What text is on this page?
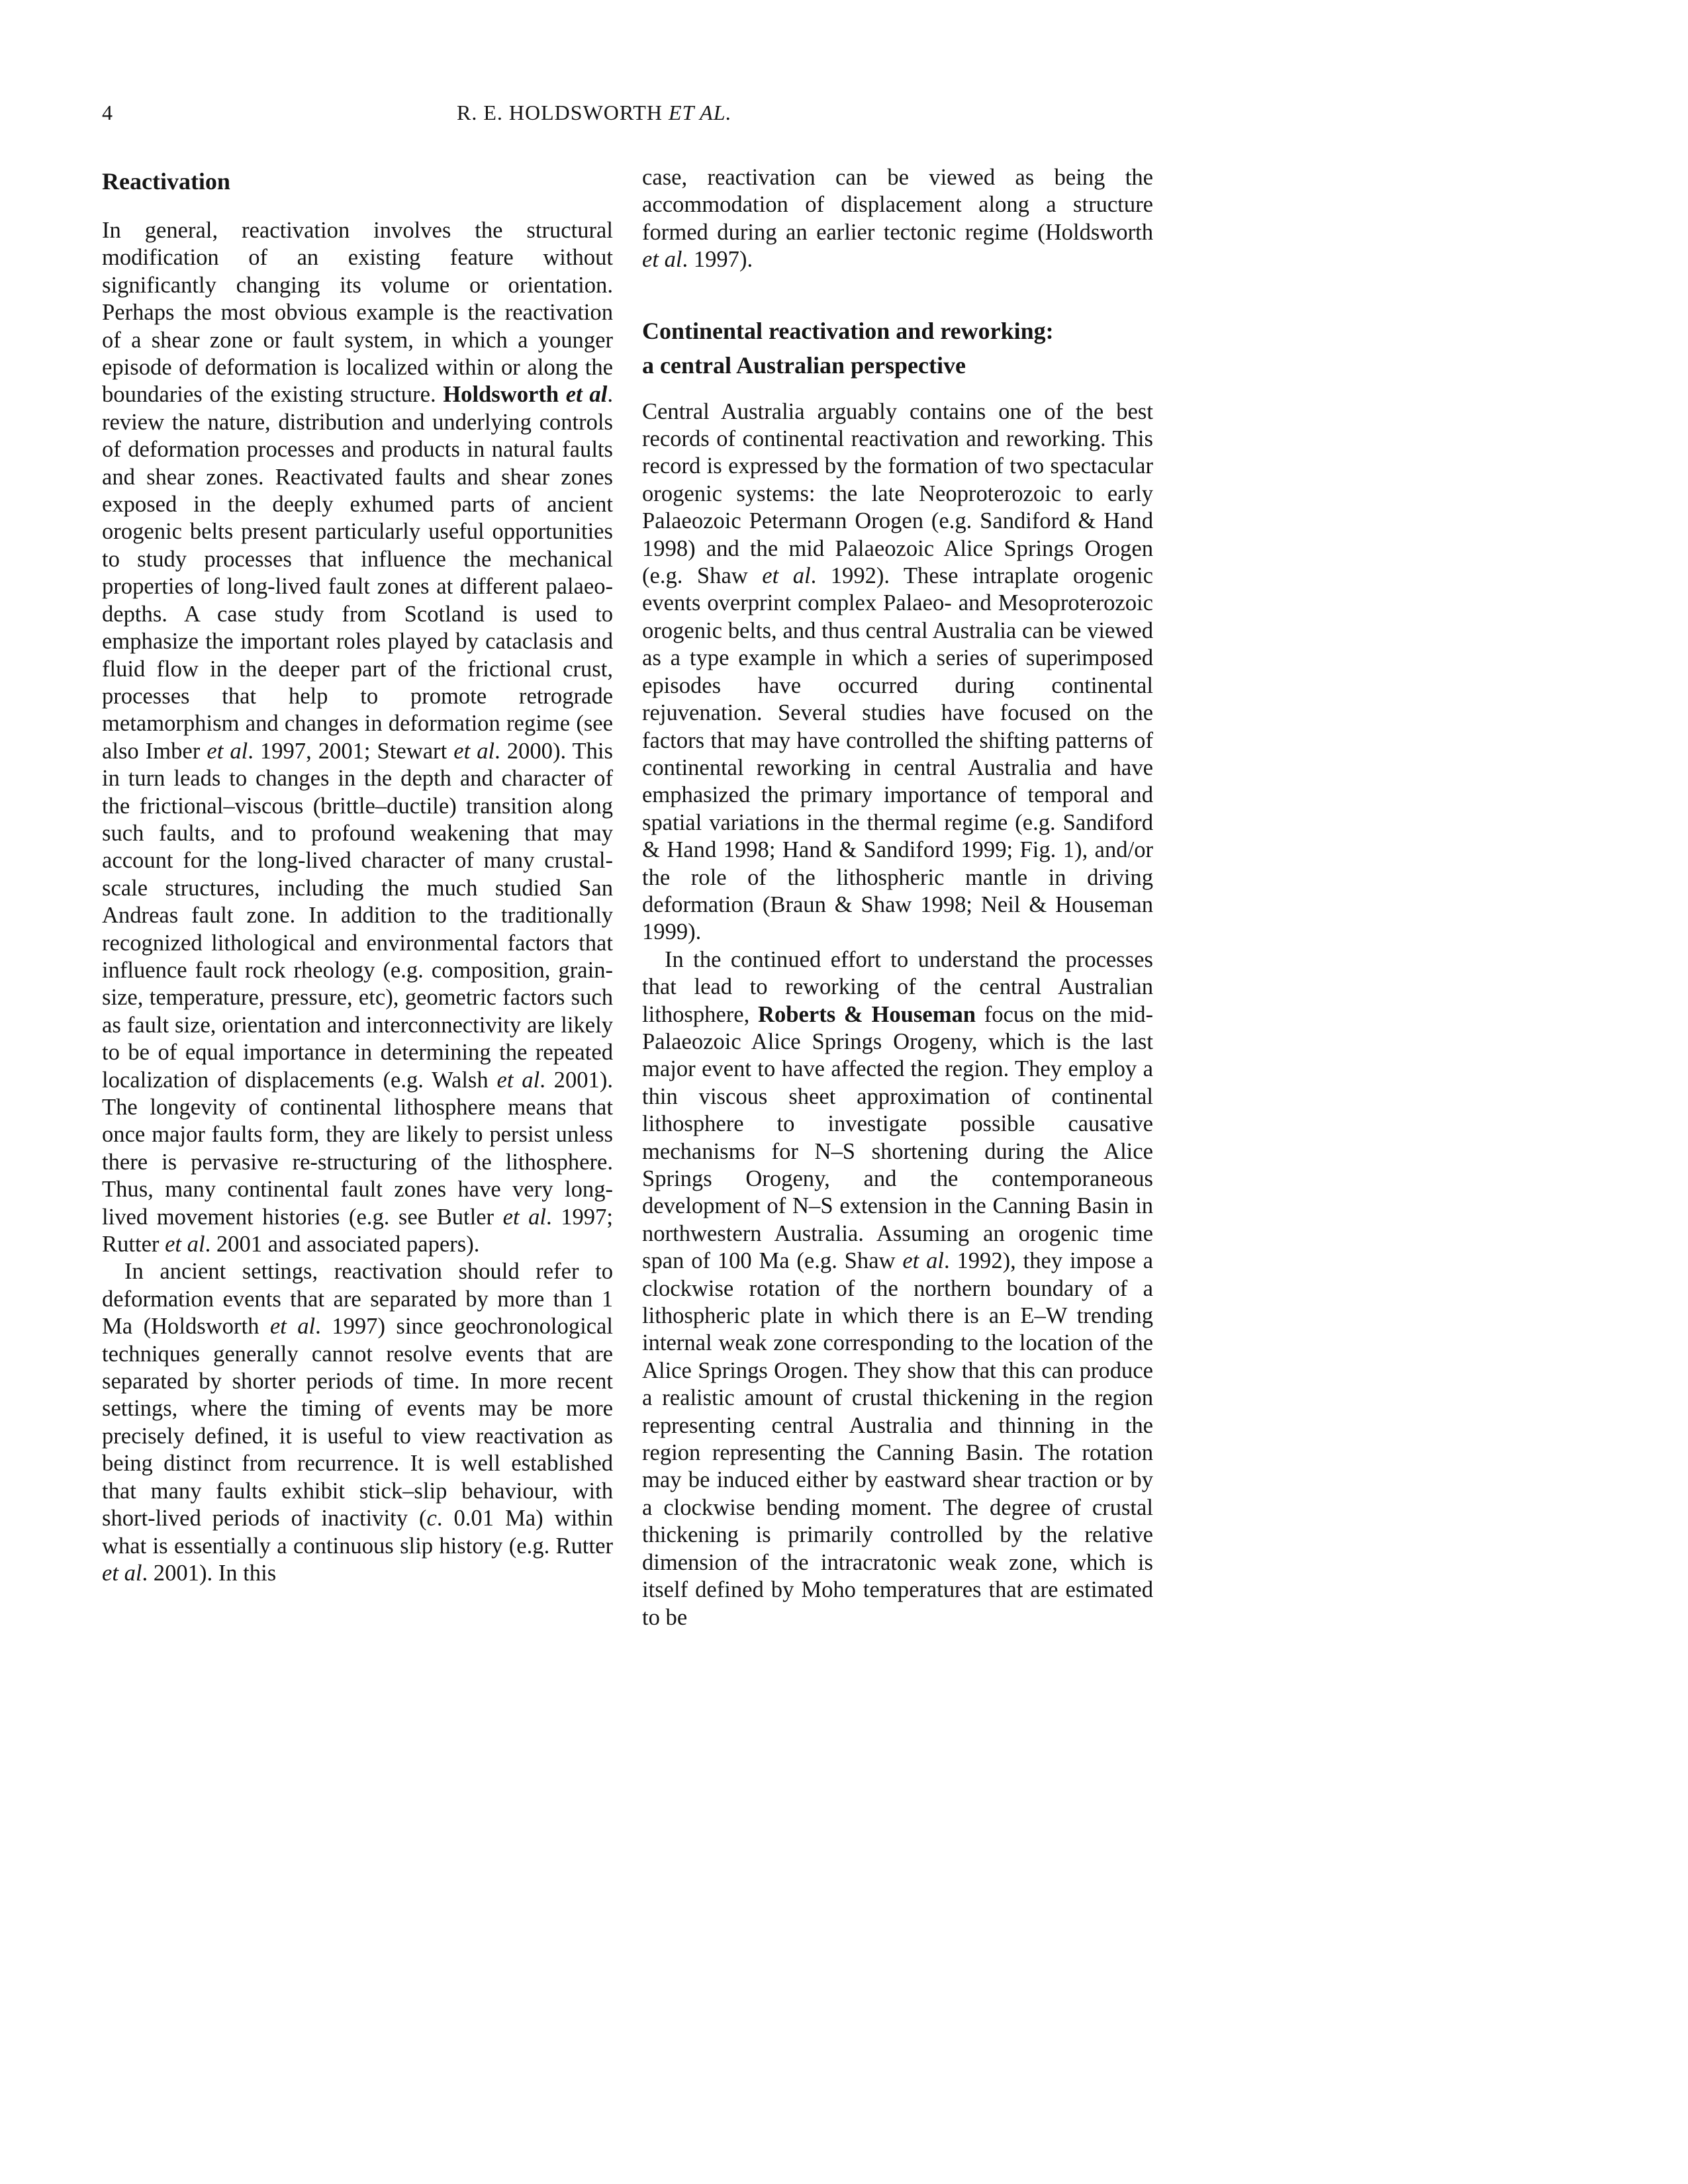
4	R. E. HOLDSWORTH ET AL.
Reactivation

In general, reactivation involves the structural modification of an existing feature without significantly changing its volume or orientation. Perhaps the most obvious example is the reactivation of a shear zone or fault system, in which a younger episode of deformation is localized within or along the boundaries of the existing structure. Holdsworth et al. review the nature, distribution and underlying controls of deformation processes and products in natural faults and shear zones. Reactivated faults and shear zones exposed in the deeply exhumed parts of ancient orogenic belts present particularly useful opportunities to study processes that influence the mechanical properties of long-lived fault zones at different palaeo-depths. A case study from Scotland is used to emphasize the important roles played by cataclasis and fluid flow in the deeper part of the frictional crust, processes that help to promote retrograde metamorphism and changes in deformation regime (see also Imber et al. 1997, 2001; Stewart et al. 2000). This in turn leads to changes in the depth and character of the frictional–viscous (brittle–ductile) transition along such faults, and to profound weakening that may account for the long-lived character of many crustal-scale structures, including the much studied San Andreas fault zone. In addition to the traditionally recognized lithological and environmental factors that influence fault rock rheology (e.g. composition, grain-size, temperature, pressure, etc), geometric factors such as fault size, orientation and interconnectivity are likely to be of equal importance in determining the repeated localization of displacements (e.g. Walsh et al. 2001). The longevity of continental lithosphere means that once major faults form, they are likely to persist unless there is pervasive re-structuring of the lithosphere. Thus, many continental fault zones have very long-lived movement histories (e.g. see Butler et al. 1997; Rutter et al. 2001 and associated papers).

In ancient settings, reactivation should refer to deformation events that are separated by more than 1 Ma (Holdsworth et al. 1997) since geochronological techniques generally cannot resolve events that are separated by shorter periods of time. In more recent settings, where the timing of events may be more precisely defined, it is useful to view reactivation as being distinct from recurrence. It is well established that many faults exhibit stick–slip behaviour, with short-lived periods of inactivity (c. 0.01 Ma) within what is essentially a continuous slip history (e.g. Rutter et al. 2001). In this

case, reactivation can be viewed as being the accommodation of displacement along a structure formed during an earlier tectonic regime (Holdsworth et al. 1997).

Continental reactivation and reworking:
a central Australian perspective

Central Australia arguably contains one of the best records of continental reactivation and reworking. This record is expressed by the formation of two spectacular orogenic systems: the late Neoproterozoic to early Palaeozoic Petermann Orogen (e.g. Sandiford & Hand 1998) and the mid Palaeozoic Alice Springs Orogen (e.g. Shaw et al. 1992). These intraplate orogenic events overprint complex Palaeo- and Mesoproterozoic orogenic belts, and thus central Australia can be viewed as a type example in which a series of superimposed episodes have occurred during continental rejuvenation. Several studies have focused on the factors that may have controlled the shifting patterns of continental reworking in central Australia and have emphasized the primary importance of temporal and spatial variations in the thermal regime (e.g. Sandiford & Hand 1998; Hand & Sandiford 1999; Fig. 1), and/or the role of the lithospheric mantle in driving deformation (Braun & Shaw 1998; Neil & Houseman 1999).

In the continued effort to understand the processes that lead to reworking of the central Australian lithosphere, Roberts & Houseman focus on the mid-Palaeozoic Alice Springs Orogeny, which is the last major event to have affected the region. They employ a thin viscous sheet approximation of continental lithosphere to investigate possible causative mechanisms for N–S shortening during the Alice Springs Orogeny, and the contemporaneous development of N–S extension in the Canning Basin in northwestern Australia. Assuming an orogenic time span of 100 Ma (e.g. Shaw et al. 1992), they impose a clockwise rotation of the northern boundary of a lithospheric plate in which there is an E–W trending internal weak zone corresponding to the location of the Alice Springs Orogen. They show that this can produce a realistic amount of crustal thickening in the region representing central Australia and thinning in the region representing the Canning Basin. The rotation may be induced either by eastward shear traction or by a clockwise bending moment. The degree of crustal thickening is primarily controlled by the relative dimension of the intracratonic weak zone, which is itself defined by Moho temperatures that are estimated to be
